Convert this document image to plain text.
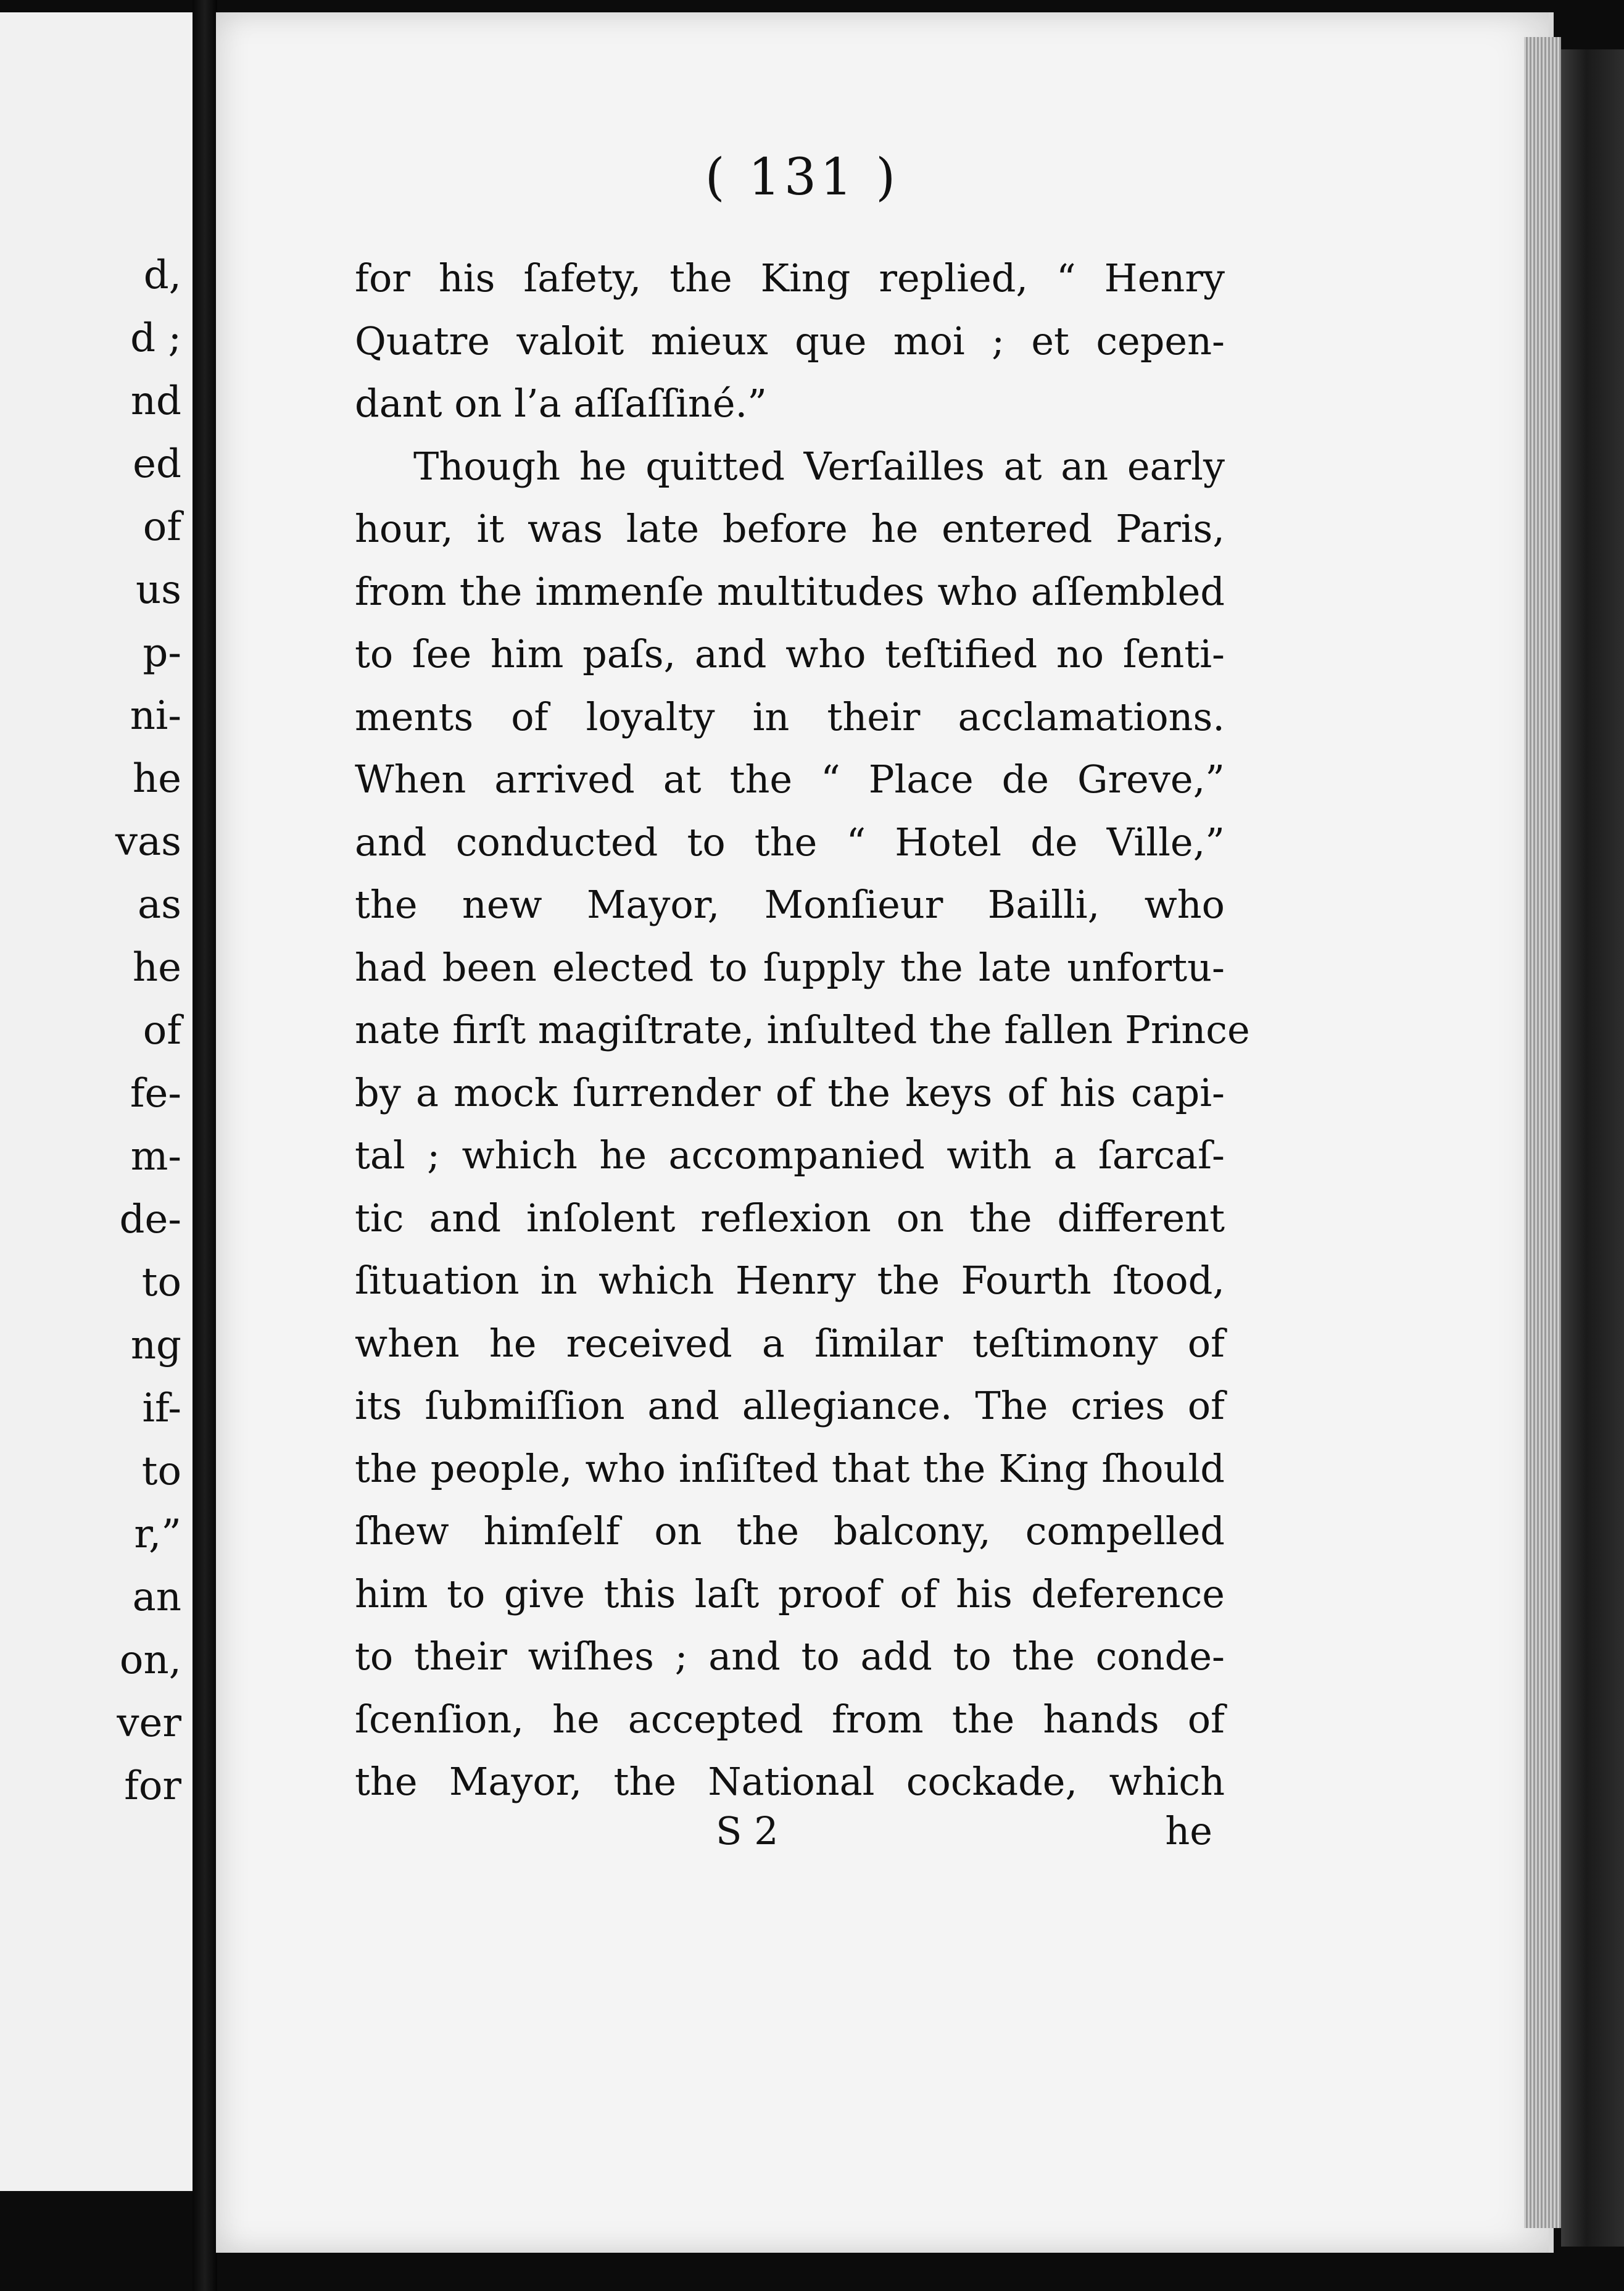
d,
d ;
nd
ed
of
us
p-
ni-
he
vas
as
he
of
fe-
m-
de-
to
ng
if-
to
r,”
an
on,
ver
for
( 131 )
for his ſafety, the King replied, “ Henry
Quatre valoit mieux que moi ; et cepen-
dant on l’a aſſaſſiné.”
Though he quitted Verſailles at an early
hour, it was late before he entered Paris,
from the immenſe multitudes who aſſembled
to ſee him paſs, and who teſtified no ſenti-
ments of loyalty in their acclamations.
When arrived at the “ Place de Greve,”
and conducted to the “ Hotel de Ville,”
the new Mayor, Monſieur Bailli, who
had been elected to ſupply the late unfortu-
nate firſt magiſtrate, inſulted the fallen Prince
by a mock ſurrender of the keys of his capi-
tal ; which he accompanied with a ſarcaſ-
tic and inſolent reflexion on the different
ſituation in which Henry the Fourth ſtood,
when he received a ſimilar teſtimony of
its ſubmiſſion and allegiance. The cries of
the people, who inſiſted that the King ſhould
ſhew himſelf on the balcony, compelled
him to give this laſt proof of his deference
to their wiſhes ; and to add to the conde-
ſcenſion, he accepted from the hands of
the Mayor, the National cockade, which
S 2	he
